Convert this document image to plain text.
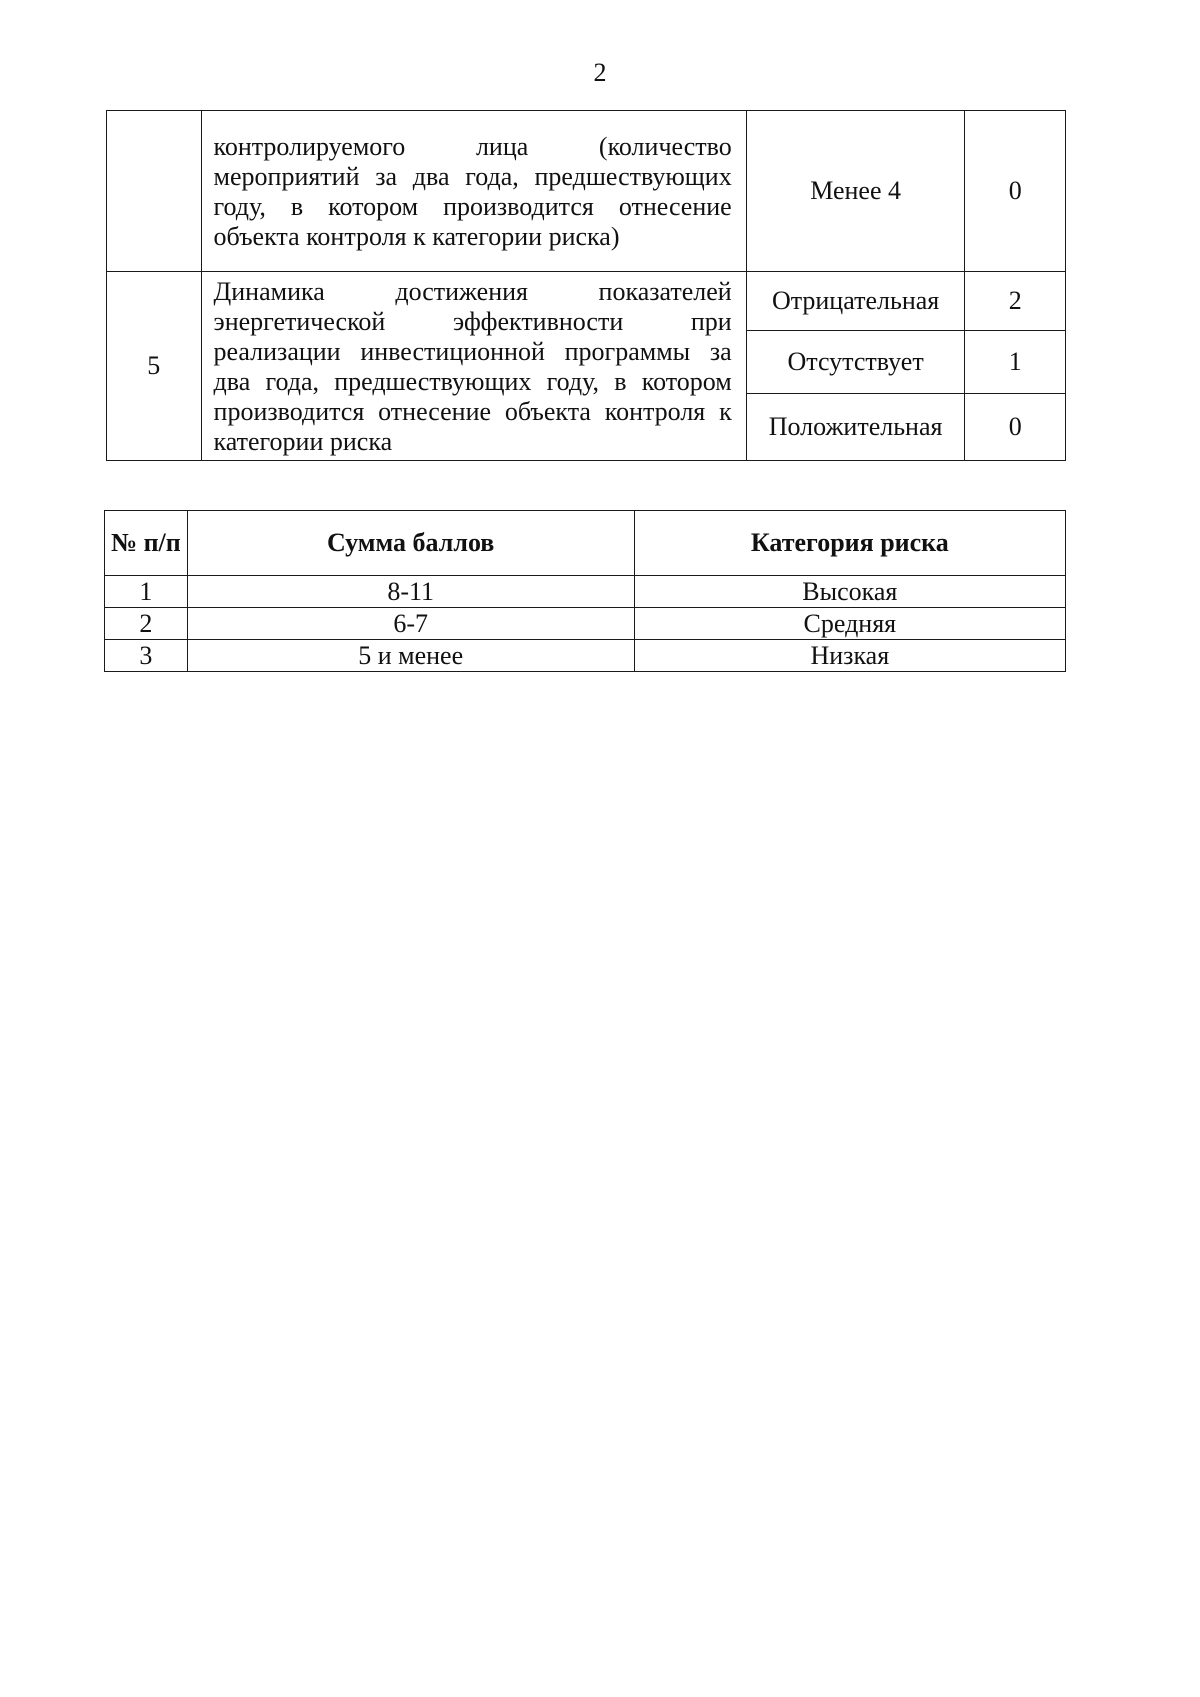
2

	контролируемого лица (количество мероприятий за два года, предшествующих году, в котором производится отнесение объекта контроля к категории риска)	Менее 4	0
5	Динамика достижения показателей энергетической эффективности при реализации инвестиционной программы за два года, предшествующих году, в котором производится отнесение объекта контроля к категории риска	Отрицательная	2
		Отсутствует	1
		Положительная	0
№ п/п	Сумма баллов	Категория риска
1	8-11	Высокая
2	6-7	Средняя
3	5 и менее	Низкая
